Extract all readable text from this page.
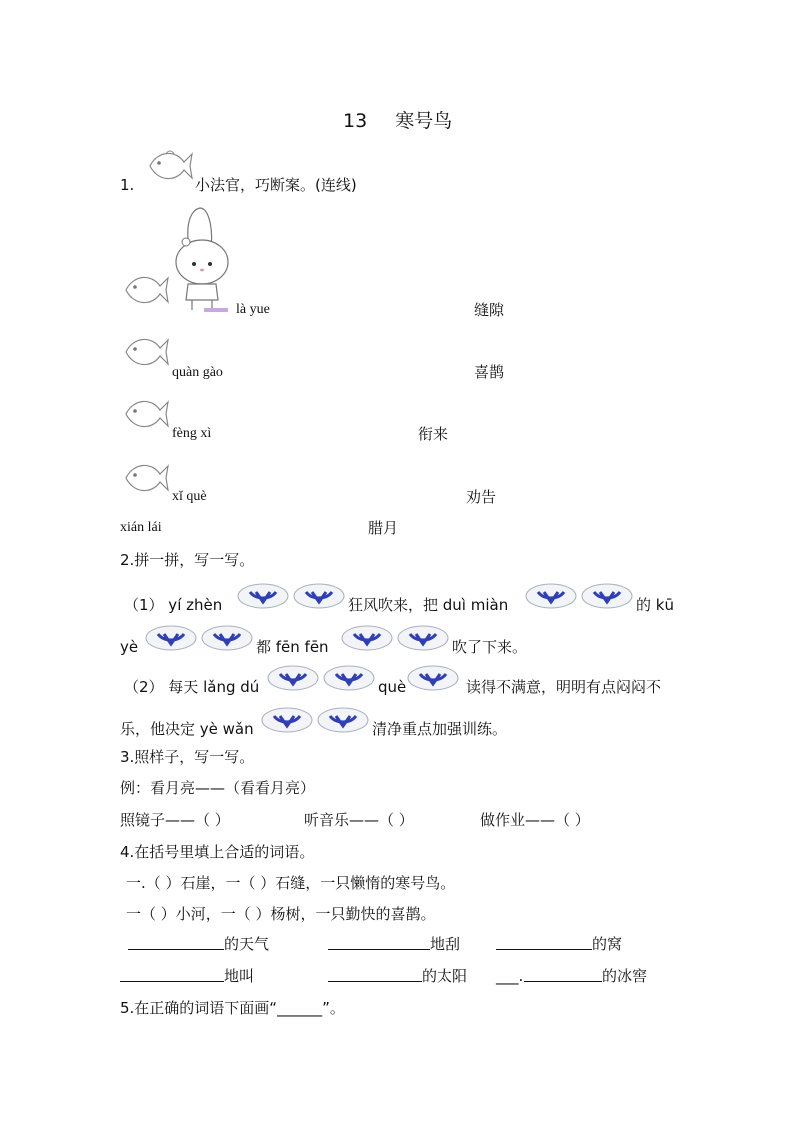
13 寒号鸟
1.	小法官，巧断案。(连线)
là yue	缝隙
quàn gào	喜鹊
fèng xì	衔来
xǐ què	劝告
xián lái	腊月
2.拼一拼，写一写。
（1） yí zhèn	狂风吹来，把 duì miàn	的 kū
yè	都 fēn fēn	吹了下来。
（2） 每天 lǎng dú	què	读得不满意，明明有点闷闷不
乐，他决定 yè wǎn	清净重点加强训练。
3.照样子，写一写。
例：看月亮——（看看月亮）
照镜子——（ ）	听音乐——（ ）	做作业——（ ）
4.在括号里填上合适的词语。
一.（ ）石崖，一（ ）石缝，一只懒惰的寒号鸟。
一（ ）小河，一（ ）杨树，一只勤快的喜鹊。
的天气	地刮	的窝
地叫	的太阳 ___.	的冰窖
5.在正确的词语下面画“______”。
